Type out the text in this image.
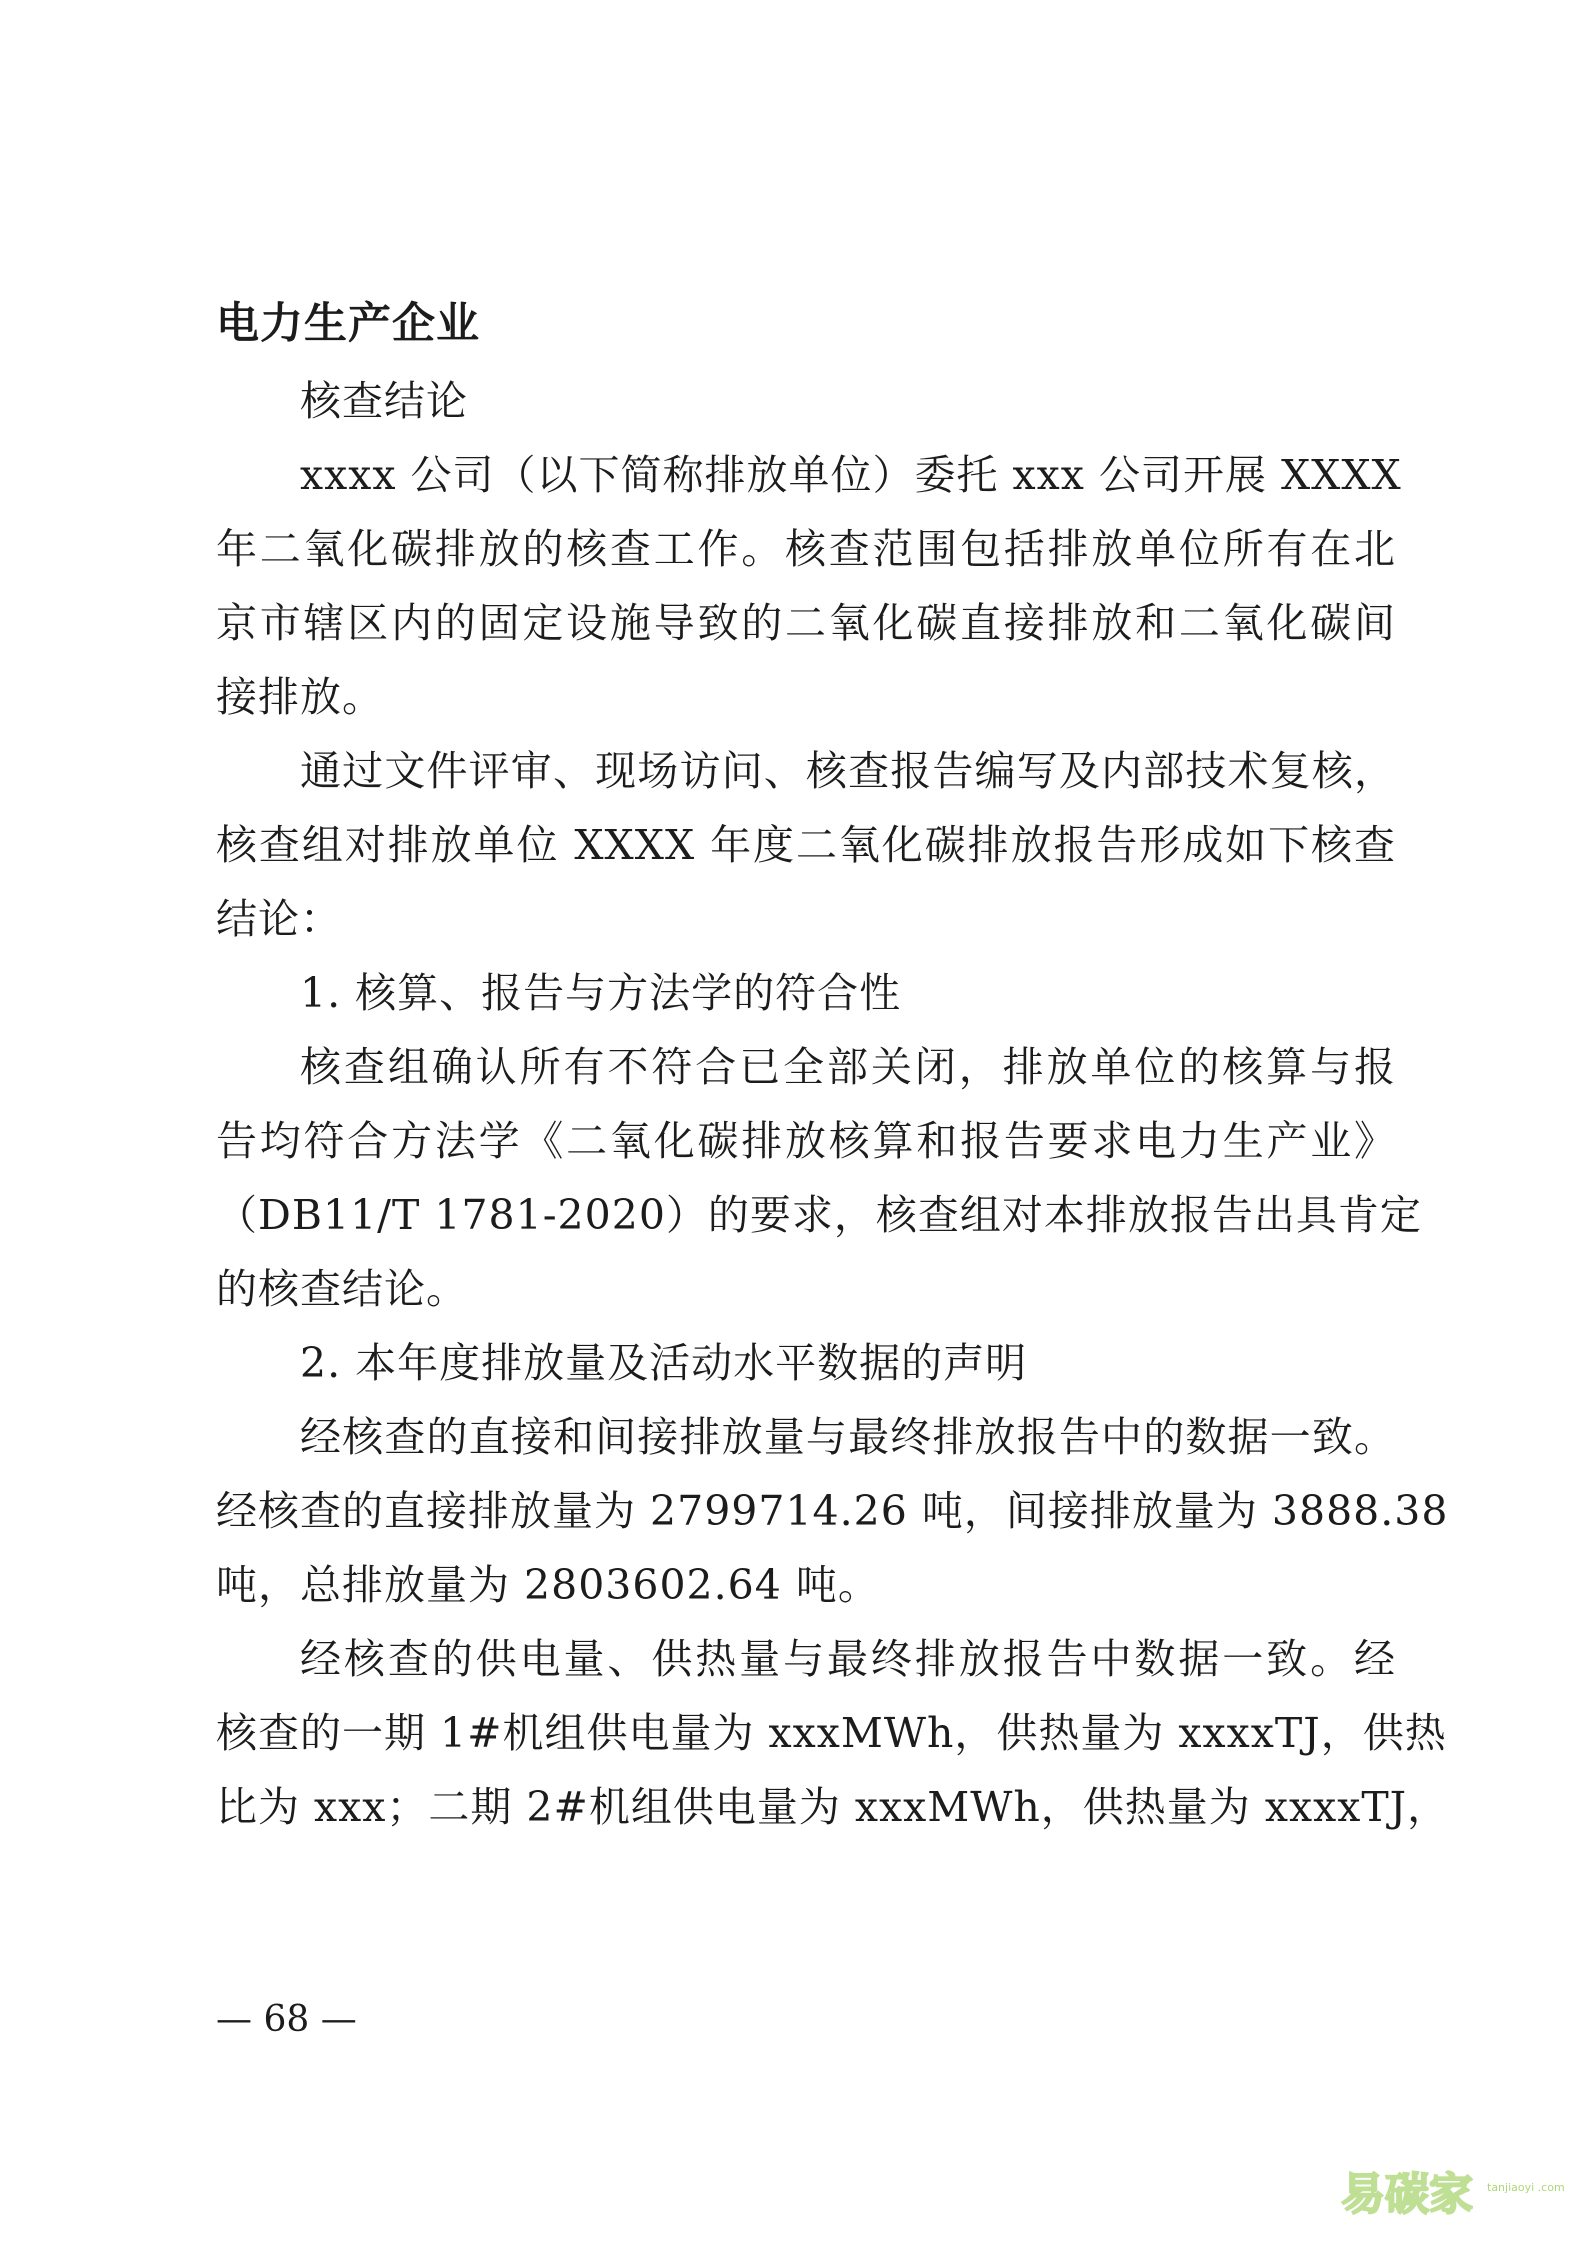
电力生产企业
核查结论
xxxx 公司（以下简称排放单位）委托 xxx 公司开展 XXXX
年二氧化碳排放的核查工作。核查范围包括排放单位所有在北
京市辖区内的固定设施导致的二氧化碳直接排放和二氧化碳间
接排放。
通过文件评审、现场访问、核查报告编写及内部技术复核，
核查组对排放单位 XXXX 年度二氧化碳排放报告形成如下核查
结论：
1. 核算、报告与方法学的符合性
核查组确认所有不符合已全部关闭，排放单位的核算与报
告均符合方法学《二氧化碳排放核算和报告要求电力生产业》
（DB11/T 1781-2020）的要求，核查组对本排放报告出具肯定
的核查结论。
2. 本年度排放量及活动水平数据的声明
经核查的直接和间接排放量与最终排放报告中的数据一致。
经核查的直接排放量为 2799714.26 吨，间接排放量为 3888.38
吨，总排放量为 2803602.64 吨。
经核查的供电量、供热量与最终排放报告中数据一致。经
核查的一期 1#机组供电量为 xxxMWh，供热量为 xxxxTJ，供热
比为 xxx；二期 2#机组供电量为 xxxMWh，供热量为 xxxxTJ，
— 68 —
易碳家 tanjiaoyi .com
